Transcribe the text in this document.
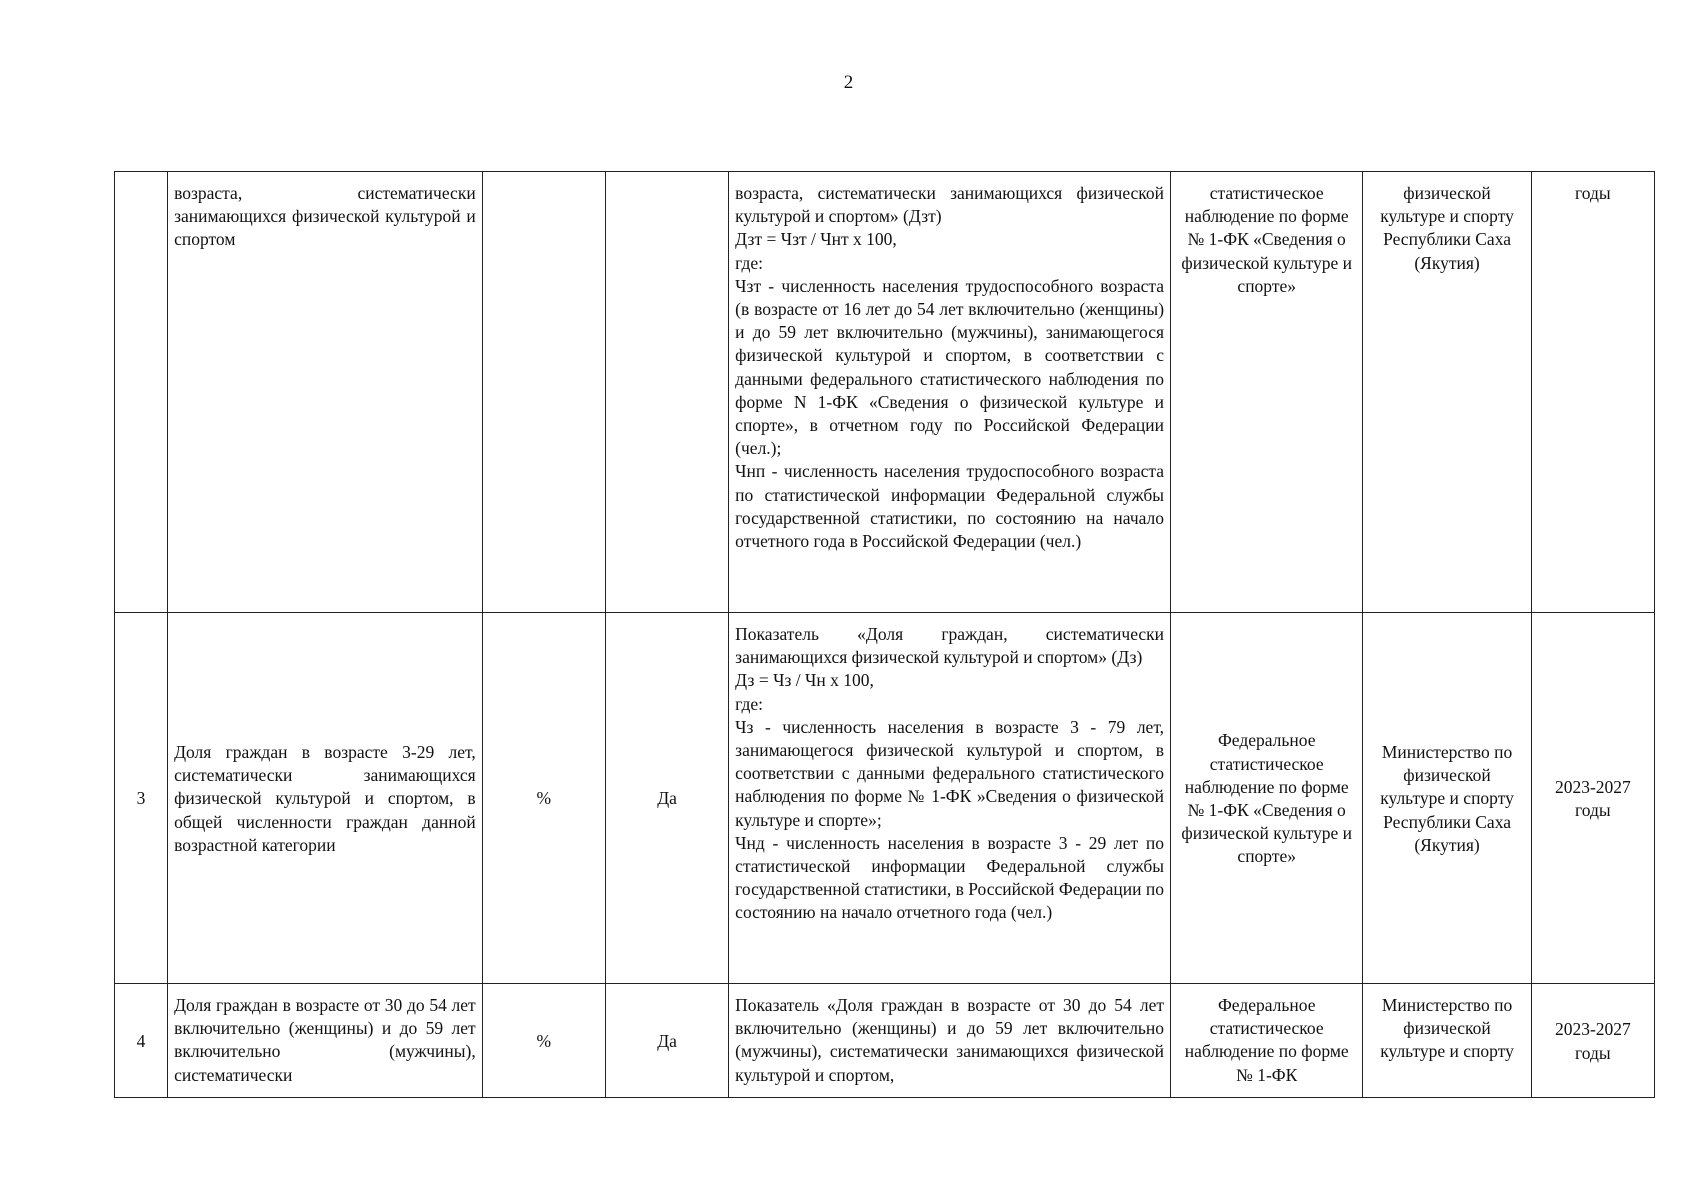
2
	возраста, систематически занимающихся физической культурой и спортом			возраста, систематически занимающихся физической культурой и спортом» (Дзт)
Дзт = Чзт / Чнт x 100,
где:
Чзт - численность населения трудоспособного возраста (в возрасте от 16 лет до 54 лет включительно (женщины) и до 59 лет включительно (мужчины), занимающегося физической культурой и спортом, в соответствии с данными федерального статистического наблюдения по форме N 1-ФК «Сведения о физической культуре и спорте», в отчетном году по Российской Федерации (чел.);
Чнп - численность населения трудоспособного возраста по статистической информации Федеральной службы государственной статистики, по состоянию на начало отчетного года в Российской Федерации (чел.)	статистическое наблюдение по форме № 1-ФК «Сведения о физической культуре и спорте»	физической культуре и спорту Республики Саха (Якутия)	годы
3	Доля граждан в возрасте 3-29 лет, систематически занимающихся физической культурой и спортом, в общей численности граждан данной возрастной категории	%	Да	Показатель «Доля граждан, систематически занимающихся физической культурой и спортом» (Дз)
Дз = Чз / Чн x 100,
где:
Чз - численность населения в возрасте 3 - 79 лет, занимающегося физической культурой и спортом, в соответствии с данными федерального статистического наблюдения по форме № 1-ФК »Сведения о физической культуре и спорте»;
Чнд - численность населения в возрасте 3 - 29 лет по статистической информации Федеральной службы государственной статистики, в Российской Федерации по состоянию на начало отчетного года (чел.)	Федеральное статистическое наблюдение по форме № 1-ФК «Сведения о физической культуре и спорте»	Министерство по физической культуре и спорту Республики Саха (Якутия)	2023-2027 годы
4	Доля граждан в возрасте от 30 до 54 лет включительно (женщины) и до 59 лет включительно (мужчины), систематически	%	Да	Показатель «Доля граждан в возрасте от 30 до 54 лет включительно (женщины) и до 59 лет включительно (мужчины), систематически занимающихся физической культурой и спортом,	Федеральное статистическое наблюдение по форме № 1-ФК	Министерство по физической культуре и спорту	2023-2027 годы
